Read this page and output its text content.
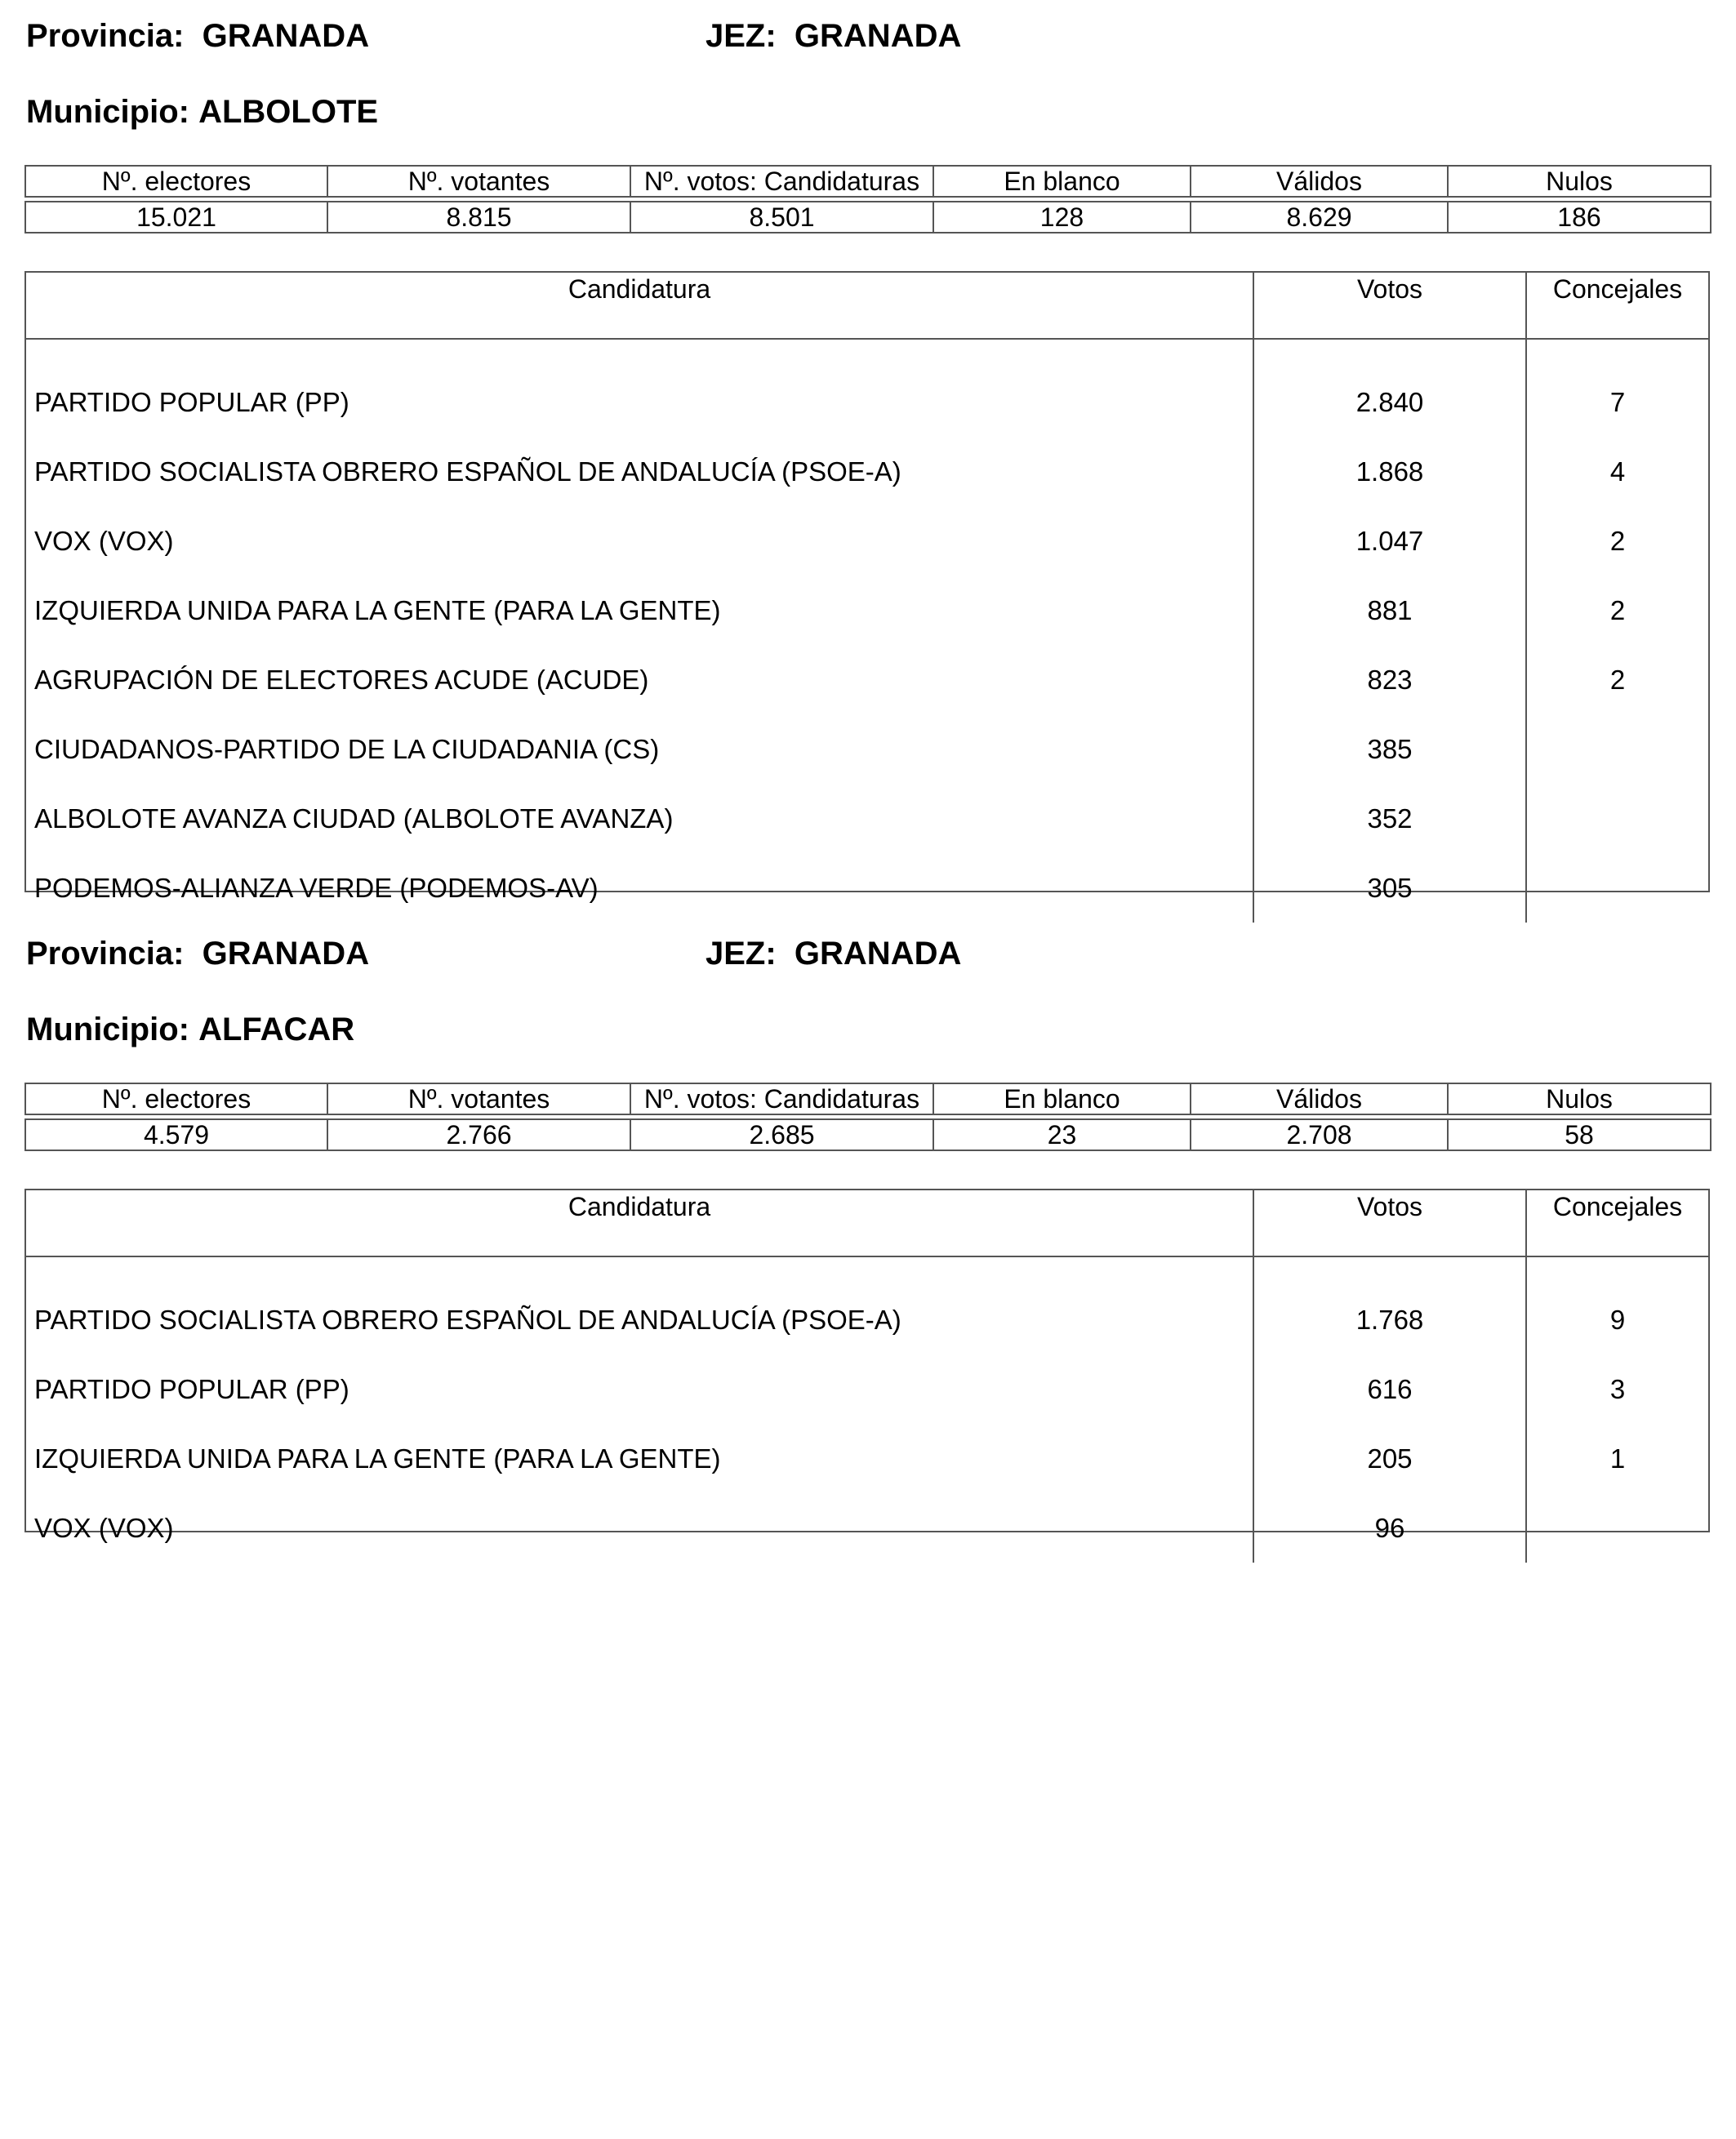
Provincia: GRANADA	JEZ: GRANADA
Municipio: ALBOLOTE
Nº. electores	Nº. votantes	Nº. votos: Candidaturas	En blanco	Válidos	Nulos

15.021	8.815	8.501	128	8.629	186
Candidatura	Votos	Concejales
PARTIDO POPULAR (PP)	2.840	7
PARTIDO SOCIALISTA OBRERO ESPAÑOL DE ANDALUCÍA (PSOE-A)	1.868	4
VOX (VOX)	1.047	2
IZQUIERDA UNIDA PARA LA GENTE (PARA LA GENTE)	881	2
AGRUPACIÓN DE ELECTORES ACUDE (ACUDE)	823	2
CIUDADANOS-PARTIDO DE LA CIUDADANIA (CS)	385
ALBOLOTE AVANZA CIUDAD (ALBOLOTE AVANZA)	352
PODEMOS-ALIANZA VERDE (PODEMOS-AV)	305
Provincia: GRANADA	JEZ: GRANADA
Municipio: ALFACAR
Nº. electores	Nº. votantes	Nº. votos: Candidaturas	En blanco	Válidos	Nulos

4.579	2.766	2.685	23	2.708	58
Candidatura	Votos	Concejales
PARTIDO SOCIALISTA OBRERO ESPAÑOL DE ANDALUCÍA (PSOE-A)	1.768	9
PARTIDO POPULAR (PP)	616	3
IZQUIERDA UNIDA PARA LA GENTE (PARA LA GENTE)	205	1
VOX (VOX)	96
